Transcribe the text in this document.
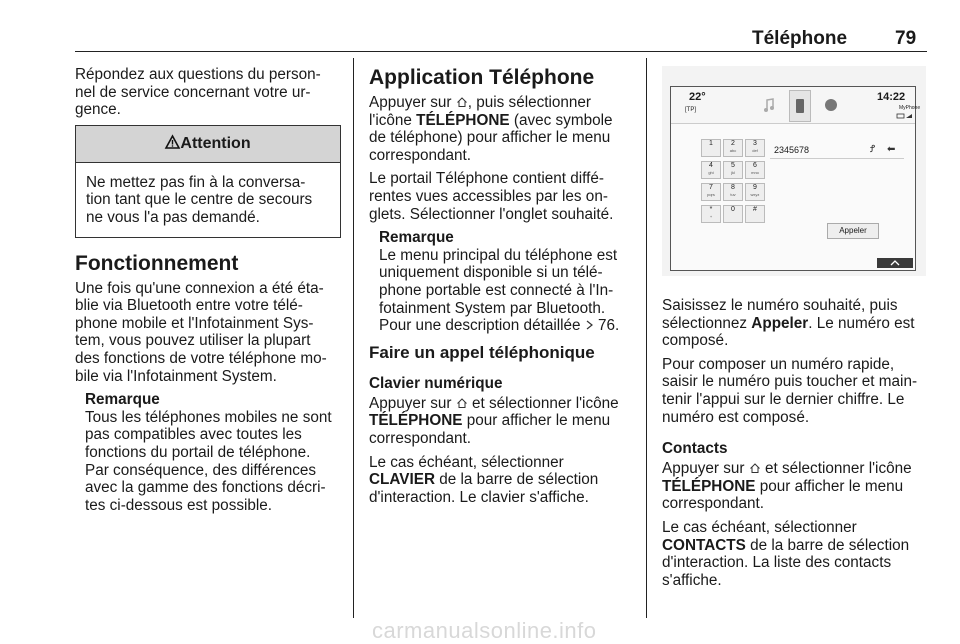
Téléphone	79

Répondez aux questions du person-
nel de service concernant votre ur-
gence.

Attention
Ne mettez pas fin à la conversa-
tion tant que le centre de secours
ne vous l'a pas demandé.
Fonctionnement

Une fois qu'une connexion a été éta-
blie via Bluetooth entre votre télé-
phone mobile et l'Infotainment Sys-
tem, vous pouvez utiliser la plupart
des fonctions de votre téléphone mo-
bile via l'Infotainment System.

Remarque
Tous les téléphones mobiles ne sont
pas compatibles avec toutes les
fonctions du portail de téléphone.
Par conséquence, des différences
avec la gamme des fonctions décri-
tes ci-dessous est possible.
Application Téléphone

Appuyer sur , puis sélectionner
l'icône TÉLÉPHONE (avec symbole
de téléphone) pour afficher le menu
correspondant.

Le portail Téléphone contient diffé-
rentes vues accessibles par les on-
glets. Sélectionner l'onglet souhaité.

Remarque
Le menu principal du téléphone est
uniquement disponible si un télé-
phone portable est connecté à l'In-
fotainment System par Bluetooth.
Pour une description détaillée  76.
Faire un appel téléphonique
Clavier numérique

Appuyer sur  et sélectionner l'icône
TÉLÉPHONE pour afficher le menu
correspondant.

Le cas échéant, sélectionner
CLAVIER de la barre de sélection
d'interaction. Le clavier s'affiche.

22°
[TP]
14:22
MyPhone
1	2
abc
3
def
4
ghi
5
jkl
6
mno
7
pqrs
8
tuv
9
wxyz
*
+
0	#
2345678	Ꝭ ⬅
Appeler

Saisissez le numéro souhaité, puis
sélectionnez Appeler. Le numéro est
composé.

Pour composer un numéro rapide,
saisir le numéro puis toucher et main-
tenir l'appui sur le dernier chiffre. Le
numéro est composé.

Contacts

Appuyer sur  et sélectionner l'icône
TÉLÉPHONE pour afficher le menu
correspondant.

Le cas échéant, sélectionner
CONTACTS de la barre de sélection
d'interaction. La liste des contacts
s'affiche.

carmanualsonline.info
